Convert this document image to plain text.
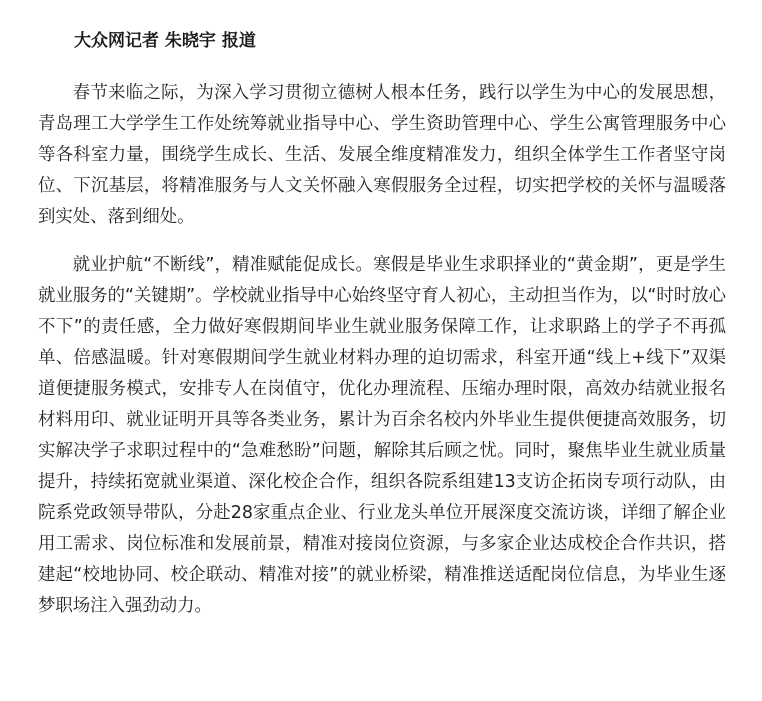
大众网记者 朱晓宇 报道

春节来临之际，为深入学习贯彻立德树人根本任务，践行以学生为中心的发展思想，青岛理工大学学生工作处统筹就业指导中心、学生资助管理中心、学生公寓管理服务中心等各科室力量，围绕学生成长、生活、发展全维度精准发力，组织全体学生工作者坚守岗位、下沉基层，将精准服务与人文关怀融入寒假服务全过程，切实把学校的关怀与温暖落到实处、落到细处。

就业护航“不断线”，精准赋能促成长。寒假是毕业生求职择业的“黄金期”，更是学生就业服务的“关键期”。学校就业指导中心始终坚守育人初心，主动担当作为，以“时时放心不下”的责任感，全力做好寒假期间毕业生就业服务保障工作，让求职路上的学子不再孤单、倍感温暖。针对寒假期间学生就业材料办理的迫切需求，科室开通“线上+线下”双渠道便捷服务模式，安排专人在岗值守，优化办理流程、压缩办理时限，高效办结就业报名材料用印、就业证明开具等各类业务，累计为百余名校内外毕业生提供便捷高效服务，切实解决学子求职过程中的“急难愁盼”问题，解除其后顾之忧。同时，聚焦毕业生就业质量提升，持续拓宽就业渠道、深化校企合作，组织各院系组建13支访企拓岗专项行动队，由院系党政领导带队，分赴28家重点企业、行业龙头单位开展深度交流访谈，详细了解企业用工需求、岗位标准和发展前景，精准对接岗位资源，与多家企业达成校企合作共识，搭建起“校地协同、校企联动、精准对接”的就业桥梁，精准推送适配岗位信息，为毕业生逐梦职场注入强劲动力。
